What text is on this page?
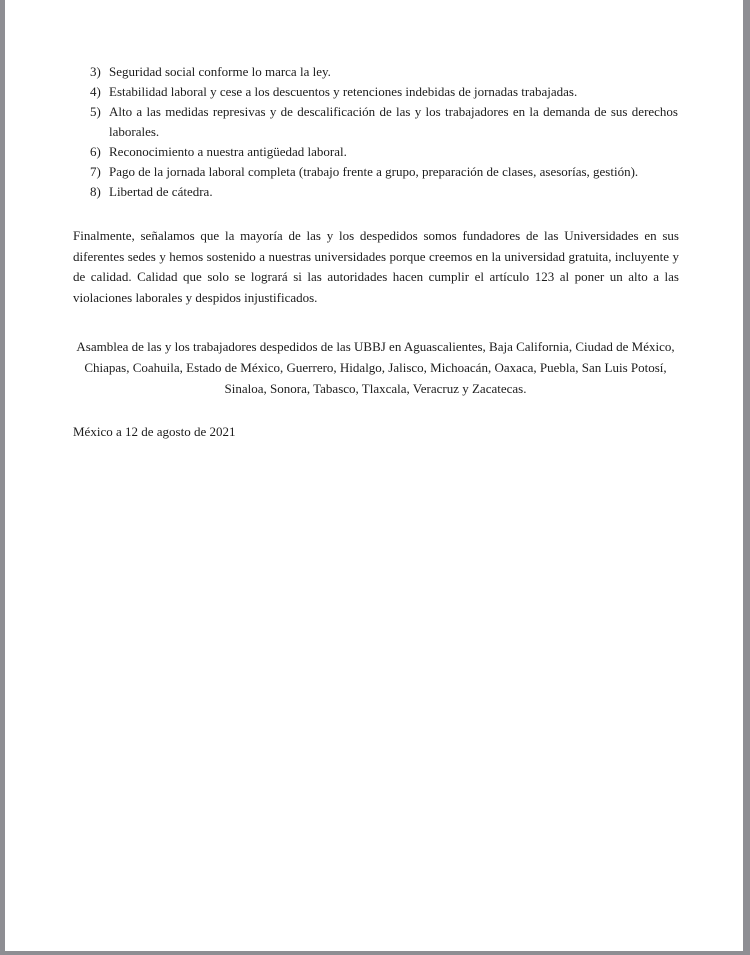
3) Seguridad social conforme lo marca la ley.
4) Estabilidad laboral y cese a los descuentos y retenciones indebidas de jornadas trabajadas.
5) Alto a las medidas represivas y de descalificación de las y los trabajadores en la demanda de sus derechos laborales.
6) Reconocimiento a nuestra antigüedad laboral.
7) Pago de la jornada laboral completa (trabajo frente a grupo, preparación de clases, asesorías, gestión).
8) Libertad de cátedra.

Finalmente, señalamos que la mayoría de las y los despedidos somos fundadores de las Universidades en sus diferentes sedes y hemos sostenido a nuestras universidades porque creemos en la universidad gratuita, incluyente y de calidad. Calidad que solo se logrará si las autoridades hacen cumplir el artículo 123 al poner un alto a las violaciones laborales y despidos injustificados.

Asamblea de las y los trabajadores despedidos de las UBBJ en Aguascalientes, Baja California, Ciudad de México, Chiapas, Coahuila, Estado de México, Guerrero, Hidalgo, Jalisco, Michoacán, Oaxaca, Puebla, San Luis Potosí, Sinaloa, Sonora, Tabasco, Tlaxcala, Veracruz y Zacatecas.

México a 12 de agosto de 2021
